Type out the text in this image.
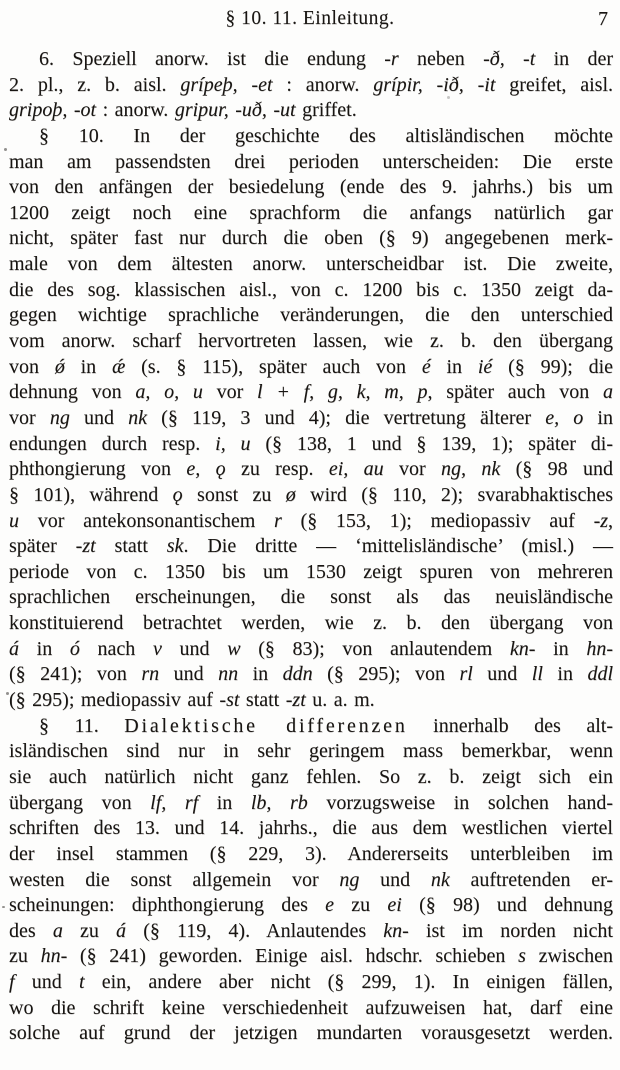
§ 10. 11. Einleitung.	7
6. Speziell anorw. ist die endung -r neben -ð, -t in der
2. pl., z. b. aisl. grípeþ, -et : anorw. grípir, -ið, -it greifet, aisl.
gripoþ, -ot : anorw. gripur, -uð, -ut griffet.
§ 10. In der geschichte des altisländischen möchte
man am passendsten drei perioden unterscheiden: Die erste
von den anfängen der besiedelung (ende des 9. jahrhs.) bis um
1200 zeigt noch eine sprachform die anfangs natürlich gar
nicht, später fast nur durch die oben (§ 9) angegebenen merk-
male von dem ältesten anorw. unterscheidbar ist. Die zweite,
die des sog. klassischen aisl., von c. 1200 bis c. 1350 zeigt da-
gegen wichtige sprachliche veränderungen, die den unterschied
vom anorw. scharf hervortreten lassen, wie z. b. den übergang
von ǿ in ǽ (s. § 115), später auch von é in ié (§ 99); die
dehnung von a, o, u vor l + f, g, k, m, p, später auch von a
vor ng und nk (§ 119, 3 und 4); die vertretung älterer e, o in
endungen durch resp. i, u (§ 138, 1 und § 139, 1); später di-
phthongierung von e, ǫ zu resp. ei, au vor ng, nk (§ 98 und
§ 101), während ǫ sonst zu ø wird (§ 110, 2); svarabhaktisches
u vor antekonsonantischem r (§ 153, 1); mediopassiv auf -z,
später -zt statt sk. Die dritte — ‘mittelisländische’ (misl.) —
periode von c. 1350 bis um 1530 zeigt spuren von mehreren
sprachlichen erscheinungen, die sonst als das neuisländische
konstituierend betrachtet werden, wie z. b. den übergang von
á in ó nach v und w (§ 83); von anlautendem kn- in hn-
(§ 241); von rn und nn in ddn (§ 295); von rl und ll in ddl
(§ 295); mediopassiv auf -st statt -zt u. a. m.
§ 11. Dialektische differenzen innerhalb des alt-
isländischen sind nur in sehr geringem mass bemerkbar, wenn
sie auch natürlich nicht ganz fehlen. So z. b. zeigt sich ein
übergang von lf, rf in lb, rb vorzugsweise in solchen hand-
schriften des 13. und 14. jahrhs., die aus dem westlichen viertel
der insel stammen (§ 229, 3). Andererseits unterbleiben im
westen die sonst allgemein vor ng und nk auftretenden er-
scheinungen: diphthongierung des e zu ei (§ 98) und dehnung
des a zu á (§ 119, 4). Anlautendes kn- ist im norden nicht
zu hn- (§ 241) geworden. Einige aisl. hdschr. schieben s zwischen
f und t ein, andere aber nicht (§ 299, 1). In einigen fällen,
wo die schrift keine verschiedenheit aufzuweisen hat, darf eine
solche auf grund der jetzigen mundarten vorausgesetzt werden.
